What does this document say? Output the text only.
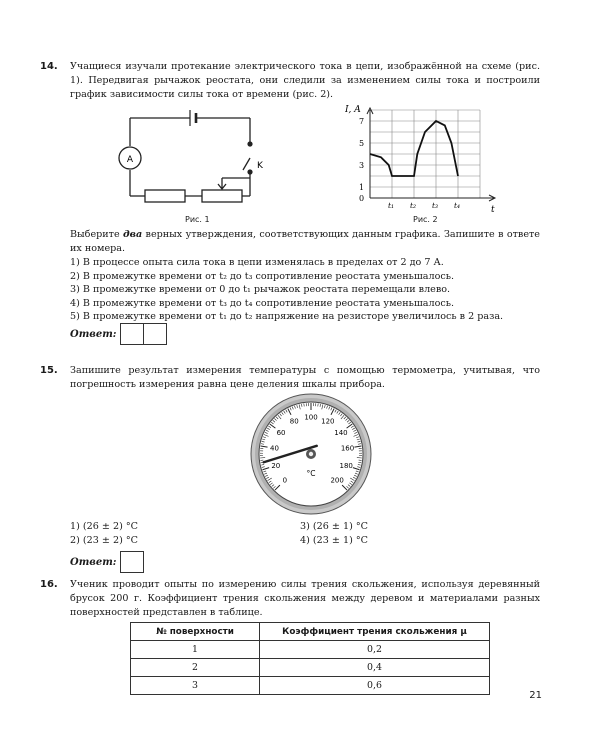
14. Учащиеся изучали протекание электрического тока в цепи, изображённой на схеме (рис. 1). Передвигая рычажок реостата, они следили за изменением силы тока и построили график зависимости силы тока от времени (рис. 2).
A
K
Рис. 1
I, A
t
7
5
3
1
0
t₁ t₂ t₃ t₄
Рис. 2
Выберите два верных утверждения, соответствующих данным графика. Запишите в ответе их номера.
1) В процессе опыта сила тока в цепи изменялась в пределах от 2 до 7 А.
2) В промежутке времени от t₂ до t₃ сопротивление реостата уменьшалось.
3) В промежутке времени от 0 до t₁ рычажок реостата перемещали влево.
4) В промежутке времени от t₃ до t₄ сопротивление реостата уменьшалось.
5) В промежутке времени от t₁ до t₂ напряжение на резисторе увеличилось в 2 раза.
Ответ:
15. Запишите результат измерения температуры с помощью термометра, учитывая, что погрешность измерения равна цене деления шкалы прибора.
0
20
40
60
80
100
120
140
160
180
200
°C
1) (26 ± 2) °C
2) (23 ± 2) °C
3) (26 ± 1) °C
4) (23 ± 1) °C
Ответ:
16. Ученик проводит опыты по измерению силы трения скольжения, используя деревянный брусок 200 г. Коэффициент трения скольжения между деревом и материалами разных поверхностей представлен в таблице.
№ поверхности	Коэффициент трения скольжения μ
1	0,2
2	0,4
3	0,6
21
